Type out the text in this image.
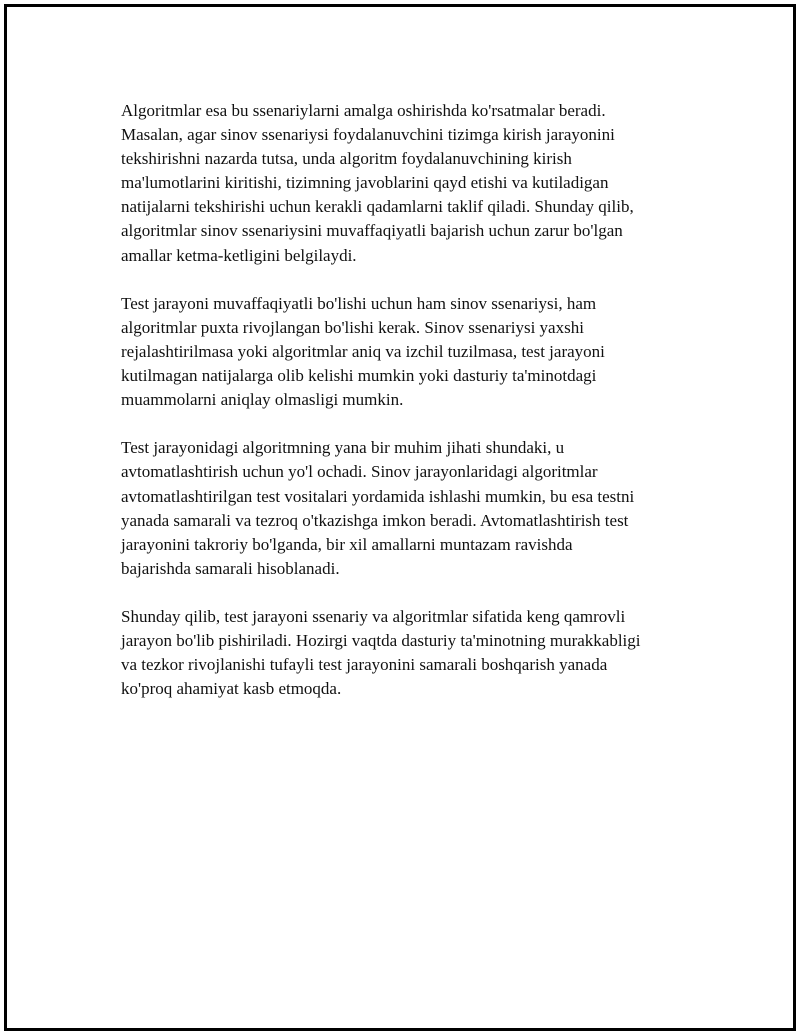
Algoritmlar esa bu ssenariylarni amalga oshirishda ko'rsatmalar beradi.
Masalan, agar sinov ssenariysi foydalanuvchini tizimga kirish jarayonini
tekshirishni nazarda tutsa, unda algoritm foydalanuvchining kirish
ma'lumotlarini kiritishi, tizimning javoblarini qayd etishi va kutiladigan
natijalarni tekshirishi uchun kerakli qadamlarni taklif qiladi. Shunday qilib,
algoritmlar sinov ssenariysini muvaffaqiyatli bajarish uchun zarur bo'lgan
amallar ketma-ketligini belgilaydi.

Test jarayoni muvaffaqiyatli bo'lishi uchun ham sinov ssenariysi, ham
algoritmlar puxta rivojlangan bo'lishi kerak. Sinov ssenariysi yaxshi
rejalashtirilmasa yoki algoritmlar aniq va izchil tuzilmasa, test jarayoni
kutilmagan natijalarga olib kelishi mumkin yoki dasturiy ta'minotdagi
muammolarni aniqlay olmasligi mumkin.

Test jarayonidagi algoritmning yana bir muhim jihati shundaki, u
avtomatlashtirish uchun yo'l ochadi. Sinov jarayonlaridagi algoritmlar
avtomatlashtirilgan test vositalari yordamida ishlashi mumkin, bu esa testni
yanada samarali va tezroq o'tkazishga imkon beradi. Avtomatlashtirish test
jarayonini takroriy bo'lganda, bir xil amallarni muntazam ravishda
bajarishda samarali hisoblanadi.

Shunday qilib, test jarayoni ssenariy va algoritmlar sifatida keng qamrovli
jarayon bo'lib pishiriladi. Hozirgi vaqtda dasturiy ta'minotning murakkabligi
va tezkor rivojlanishi tufayli test jarayonini samarali boshqarish yanada
ko'proq ahamiyat kasb etmoqda.
